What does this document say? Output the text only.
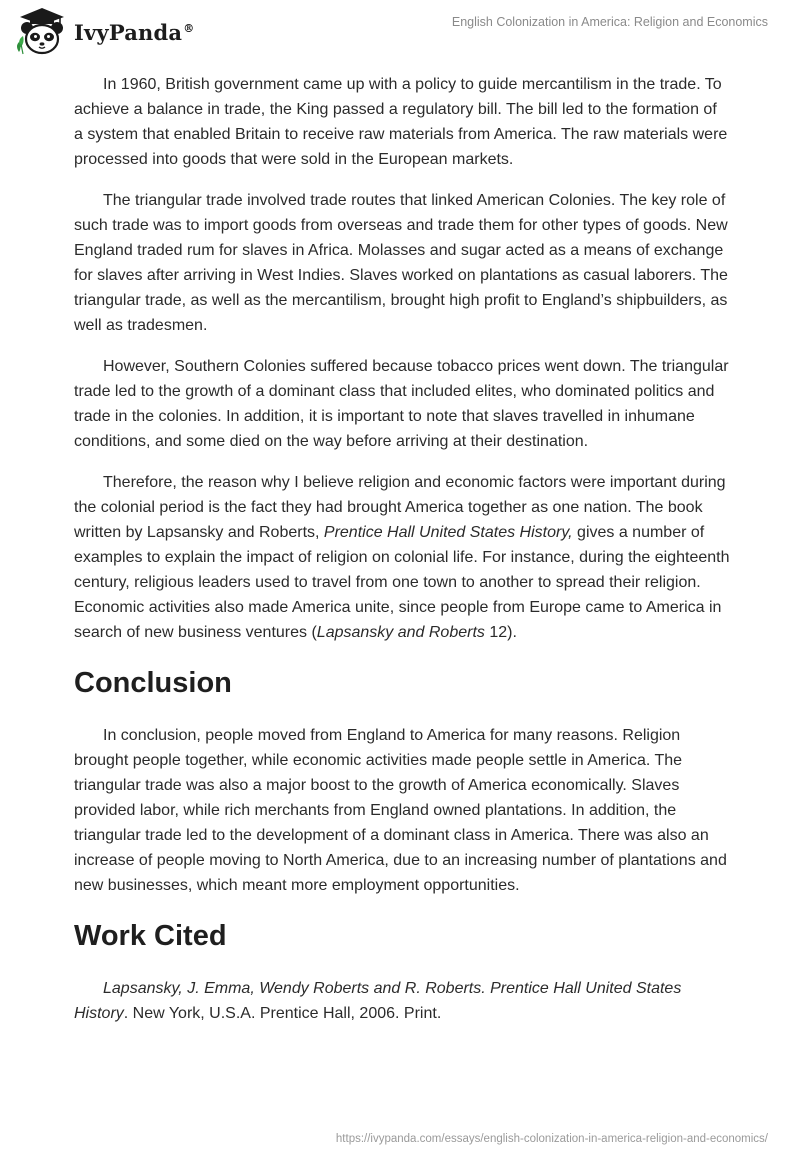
IvyPanda®	English Colonization in America: Religion and Economics

In 1960, British government came up with a policy to guide mercantilism in the trade. To achieve a balance in trade, the King passed a regulatory bill. The bill led to the formation of a system that enabled Britain to receive raw materials from America. The raw materials were processed into goods that were sold in the European markets.

The triangular trade involved trade routes that linked American Colonies. The key role of such trade was to import goods from overseas and trade them for other types of goods. New England traded rum for slaves in Africa. Molasses and sugar acted as a means of exchange for slaves after arriving in West Indies. Slaves worked on plantations as casual laborers. The triangular trade, as well as the mercantilism, brought high profit to England’s shipbuilders, as well as tradesmen.

However, Southern Colonies suffered because tobacco prices went down. The triangular trade led to the growth of a dominant class that included elites, who dominated politics and trade in the colonies. In addition, it is important to note that slaves travelled in inhumane conditions, and some died on the way before arriving at their destination.

Therefore, the reason why I believe religion and economic factors were important during the colonial period is the fact they had brought America together as one nation. The book written by Lapsansky and Roberts, Prentice Hall United States History, gives a number of examples to explain the impact of religion on colonial life. For instance, during the eighteenth century, religious leaders used to travel from one town to another to spread their religion. Economic activities also made America unite, since people from Europe came to America in search of new business ventures (Lapsansky and Roberts 12).

Conclusion

In conclusion, people moved from England to America for many reasons. Religion brought people together, while economic activities made people settle in America. The triangular trade was also a major boost to the growth of America economically. Slaves provided labor, while rich merchants from England owned plantations. In addition, the triangular trade led to the development of a dominant class in America. There was also an increase of people moving to North America, due to an increasing number of plantations and new businesses, which meant more employment opportunities.

Work Cited

Lapsansky, J. Emma, Wendy Roberts and R. Roberts. Prentice Hall United States History. New York, U.S.A. Prentice Hall, 2006. Print.

https://ivypanda.com/essays/english-colonization-in-america-religion-and-economics/
